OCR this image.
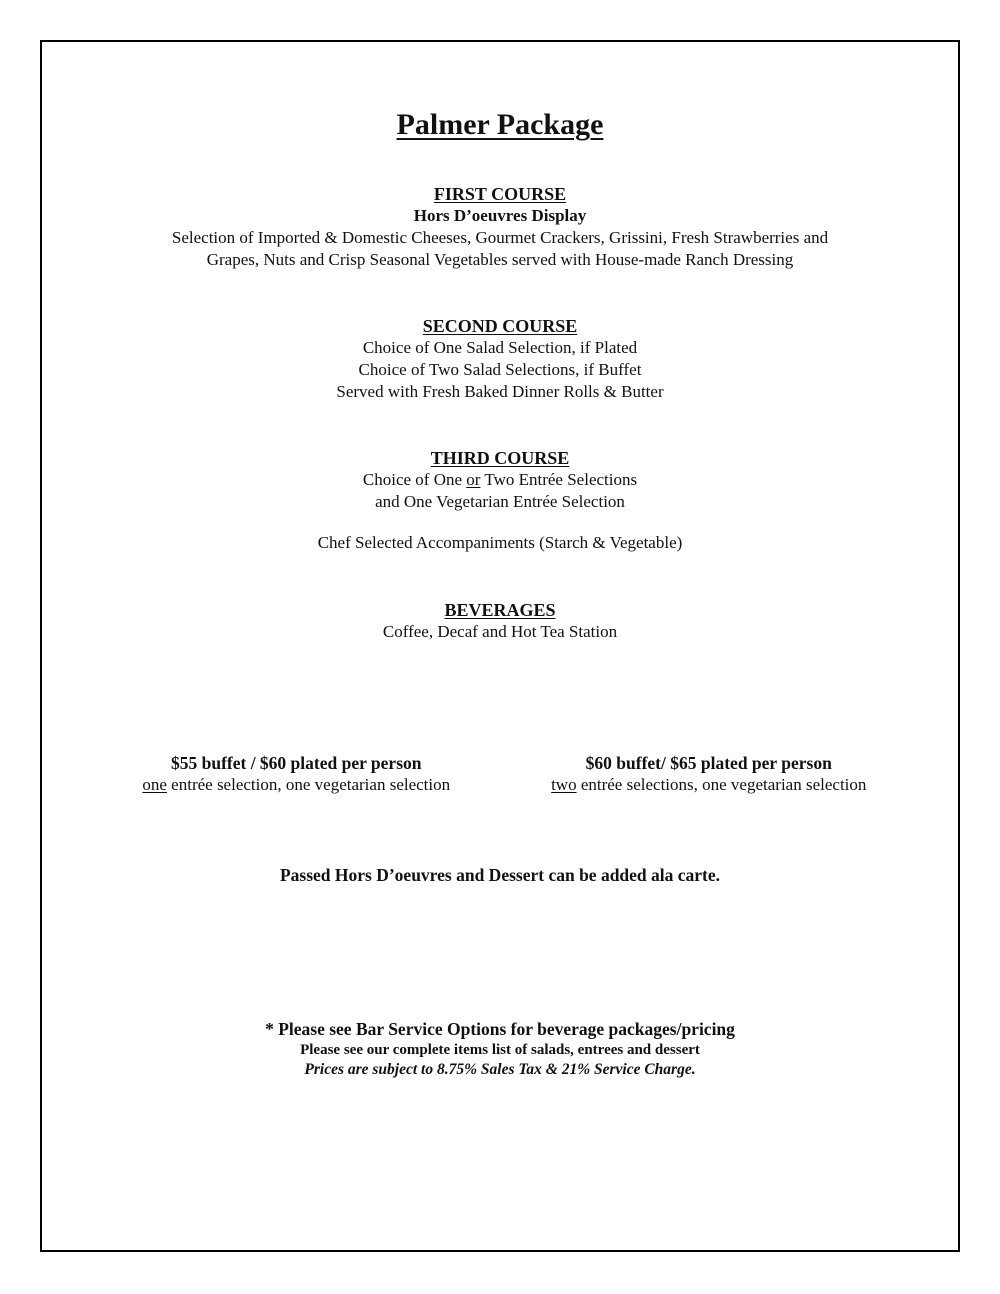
Palmer Package
FIRST COURSE
Hors D’oeuvres Display
Selection of Imported & Domestic Cheeses, Gourmet Crackers, Grissini, Fresh Strawberries and
Grapes, Nuts and Crisp Seasonal Vegetables served with House-made Ranch Dressing
SECOND COURSE
Choice of One Salad Selection, if Plated
Choice of Two Salad Selections, if Buffet
Served with Fresh Baked Dinner Rolls & Butter
THIRD COURSE
Choice of One or Two Entrée Selections
and One Vegetarian Entrée Selection
Chef Selected Accompaniments (Starch & Vegetable)
BEVERAGES
Coffee, Decaf and Hot Tea Station
$55 buffet / $60 plated per person
one entrée selection, one vegetarian selection
$60 buffet/ $65 plated per person
two entrée selections, one vegetarian selection
Passed Hors D’oeuvres and Dessert can be added ala carte.
* Please see Bar Service Options for beverage packages/pricing
Please see our complete items list of salads, entrees and dessert
Prices are subject to 8.75% Sales Tax & 21% Service Charge.
